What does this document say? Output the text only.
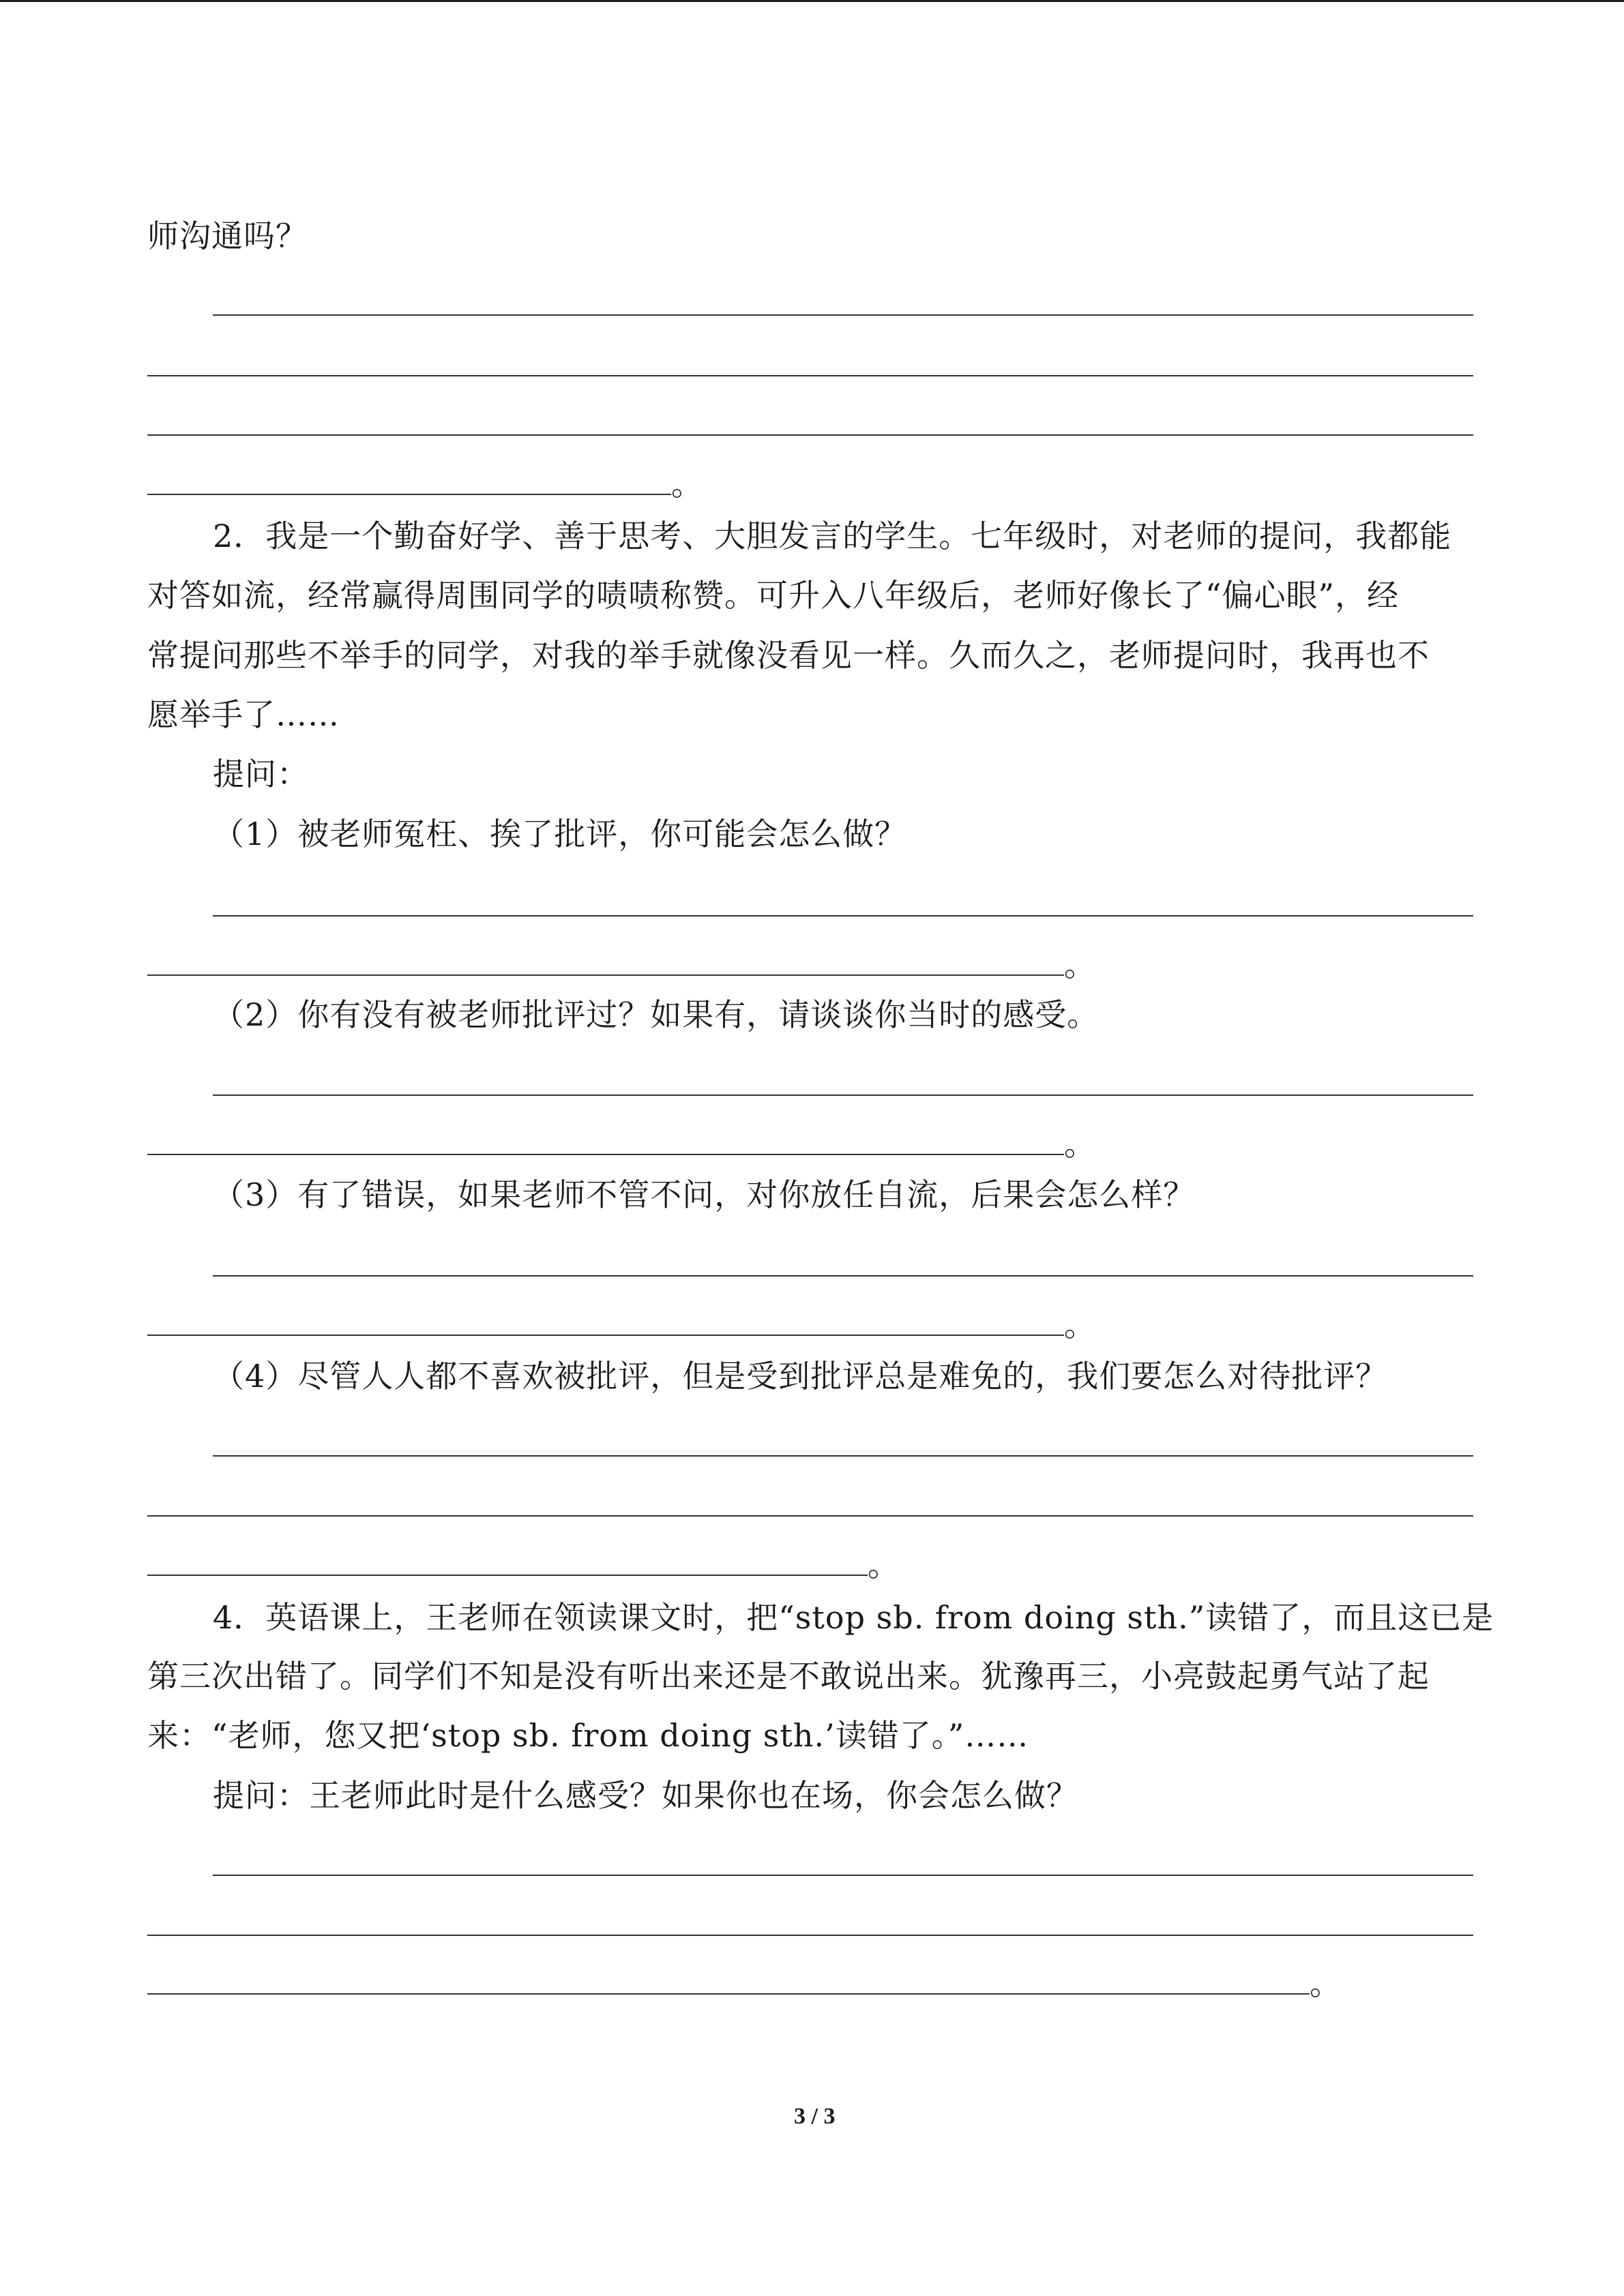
师沟通吗？
。
2．我是一个勤奋好学、善于思考、大胆发言的学生。七年级时，对老师的提问，我都能
对答如流，经常赢得周围同学的啧啧称赞。可升入八年级后，老师好像长了“偏心眼”，经
常提问那些不举手的同学，对我的举手就像没看见一样。久而久之，老师提问时，我再也不
愿举手了……
提问：
（1）被老师冤枉、挨了批评，你可能会怎么做？
。
（2）你有没有被老师批评过？如果有，请谈谈你当时的感受。
。
（3）有了错误，如果老师不管不问，对你放任自流，后果会怎么样？
。
（4）尽管人人都不喜欢被批评，但是受到批评总是难免的，我们要怎么对待批评？
。
4．英语课上，王老师在领读课文时，把“stop sb. from doing sth.”读错了，而且这已是
第三次出错了。同学们不知是没有听出来还是不敢说出来。犹豫再三，小亮鼓起勇气站了起
来：“老师，您又把‘stop sb. from doing sth.’读错了。”……
提问：王老师此时是什么感受？如果你也在场，你会怎么做？
。
3 / 3
